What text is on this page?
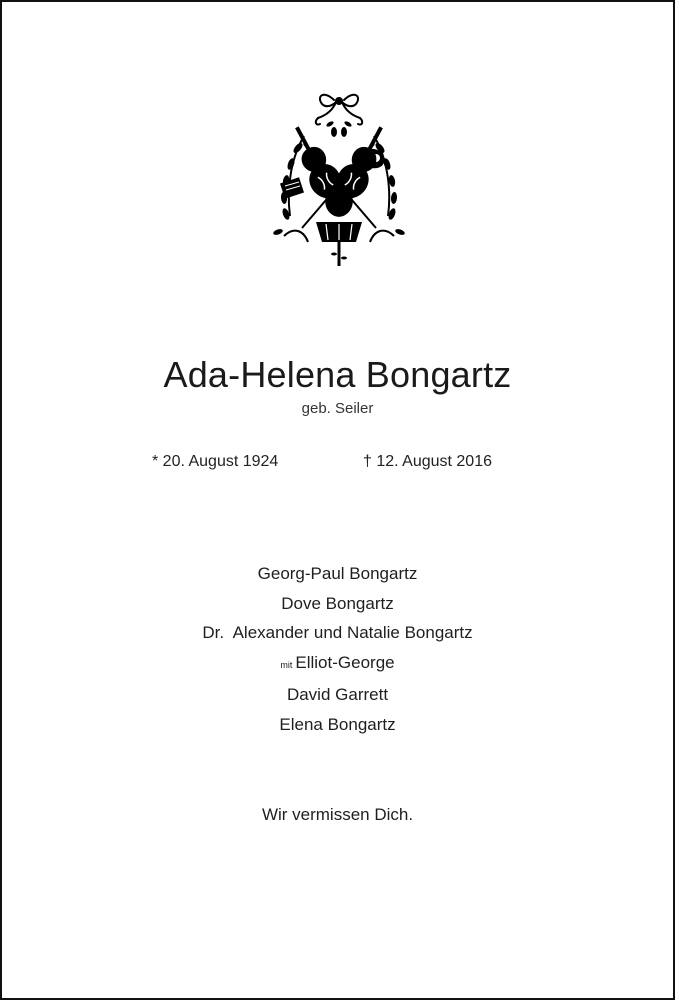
Ada-Helena Bongartz
geb. Seiler
* 20. August 1924	† 12. August 2016
Georg-Paul Bongartz
Dove Bongartz
Dr.  Alexander und Natalie Bongartz
mit Elliot-George
David Garrett
Elena Bongartz
Wir vermissen Dich.
